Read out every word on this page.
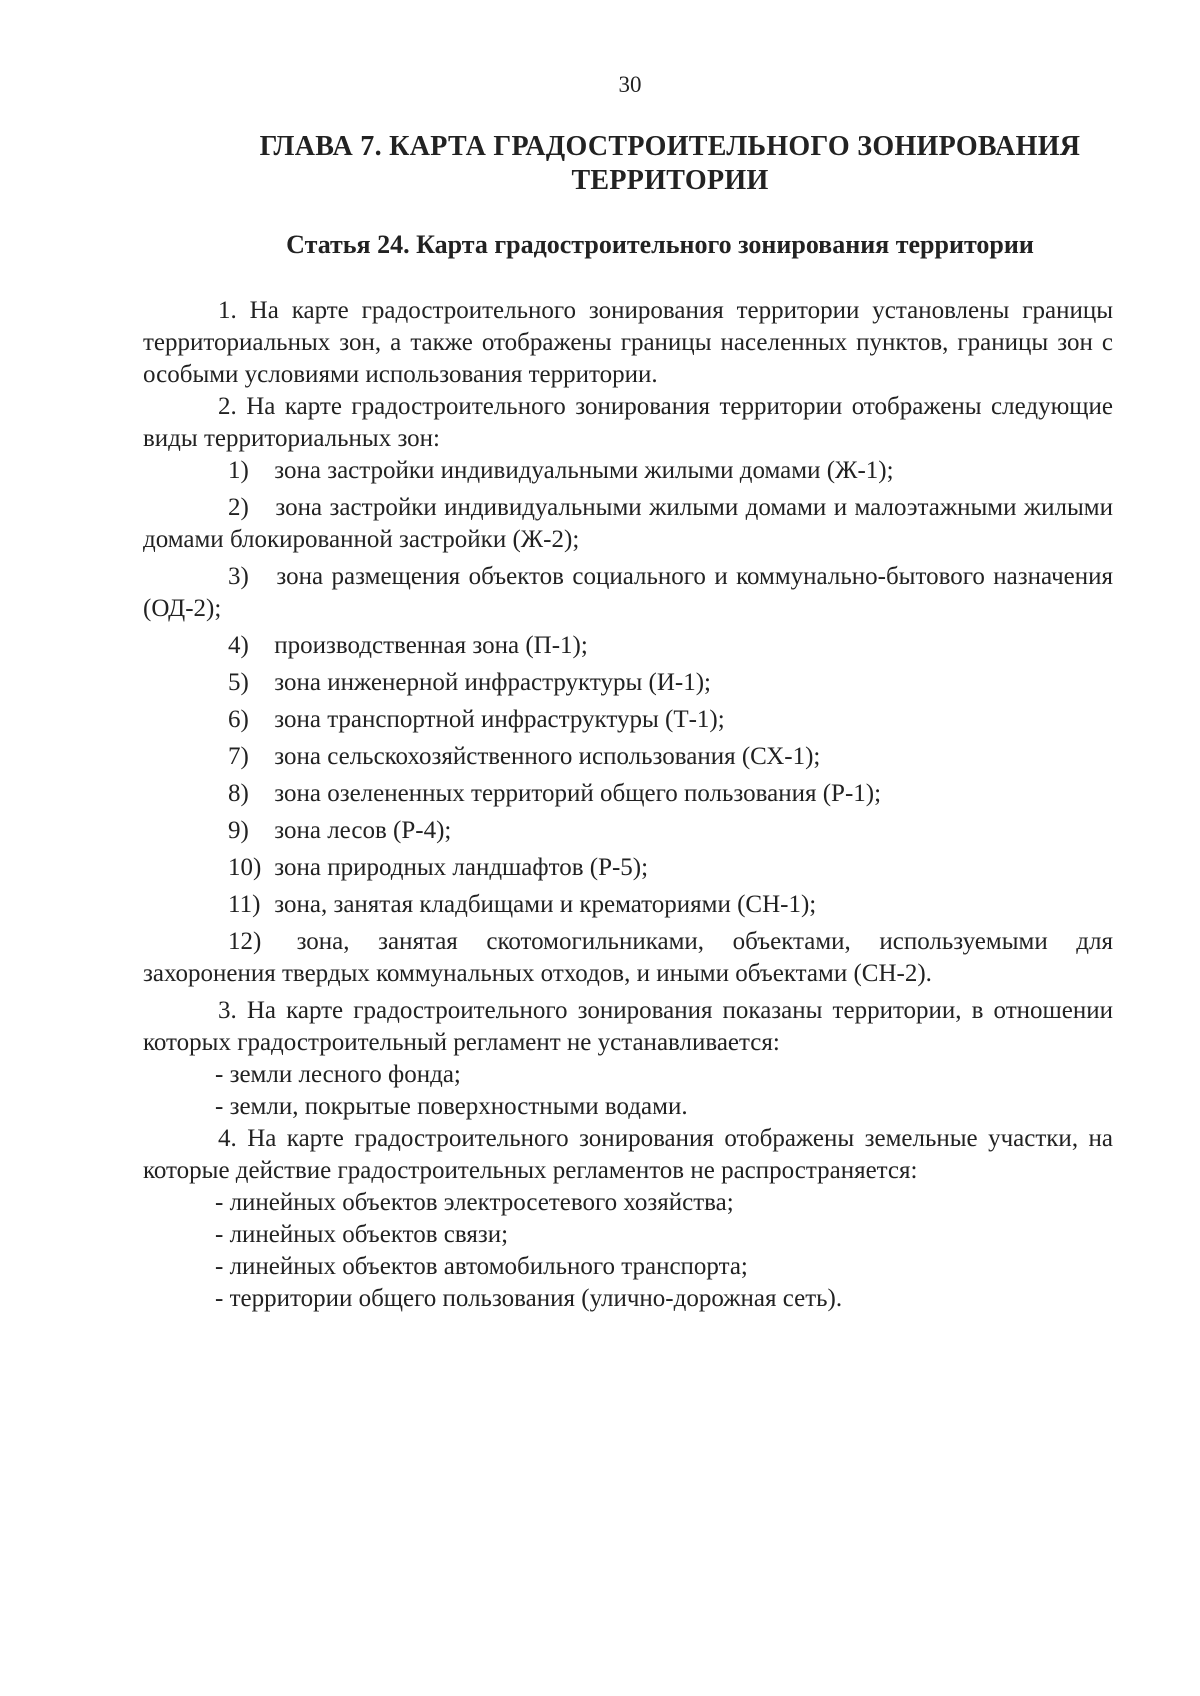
30
ГЛАВА 7. КАРТА ГРАДОСТРОИТЕЛЬНОГО ЗОНИРОВАНИЯ ТЕРРИТОРИИ
Статья 24. Карта градостроительного зонирования территории

1. На карте градостроительного зонирования территории установлены границы территориальных зон, а также отображены границы населенных пунктов, границы зон с особыми условиями использования территории.

2. На карте градостроительного зонирования территории отображены следующие виды территориальных зон:

1) зона застройки индивидуальными жилыми домами (Ж-1);
2) зона застройки индивидуальными жилыми домами и малоэтажными жилыми домами блокированной застройки (Ж-2);
3) зона размещения объектов социального и коммунально-бытового назначения (ОД-2);
4) производственная зона (П-1);
5) зона инженерной инфраструктуры (И-1);
6) зона транспортной инфраструктуры (Т-1);
7) зона сельскохозяйственного использования (СХ-1);
8) зона озелененных территорий общего пользования (Р-1);
9) зона лесов (Р-4);
10) зона природных ландшафтов (Р-5);
11) зона, занятая кладбищами и крематориями (СН-1);
12) зона, занятая скотомогильниками, объектами, используемыми для захоронения твердых коммунальных отходов, и иными объектами (СН-2).

3. На карте градостроительного зонирования показаны территории, в отношении которых градостроительный регламент не устанавливается:

- земли лесного фонда;

- земли, покрытые поверхностными водами.

4. На карте градостроительного зонирования отображены земельные участки, на которые действие градостроительных регламентов не распространяется:

- линейных объектов электросетевого хозяйства;

- линейных объектов связи;

- линейных объектов автомобильного транспорта;

- территории общего пользования (улично-дорожная сеть).
